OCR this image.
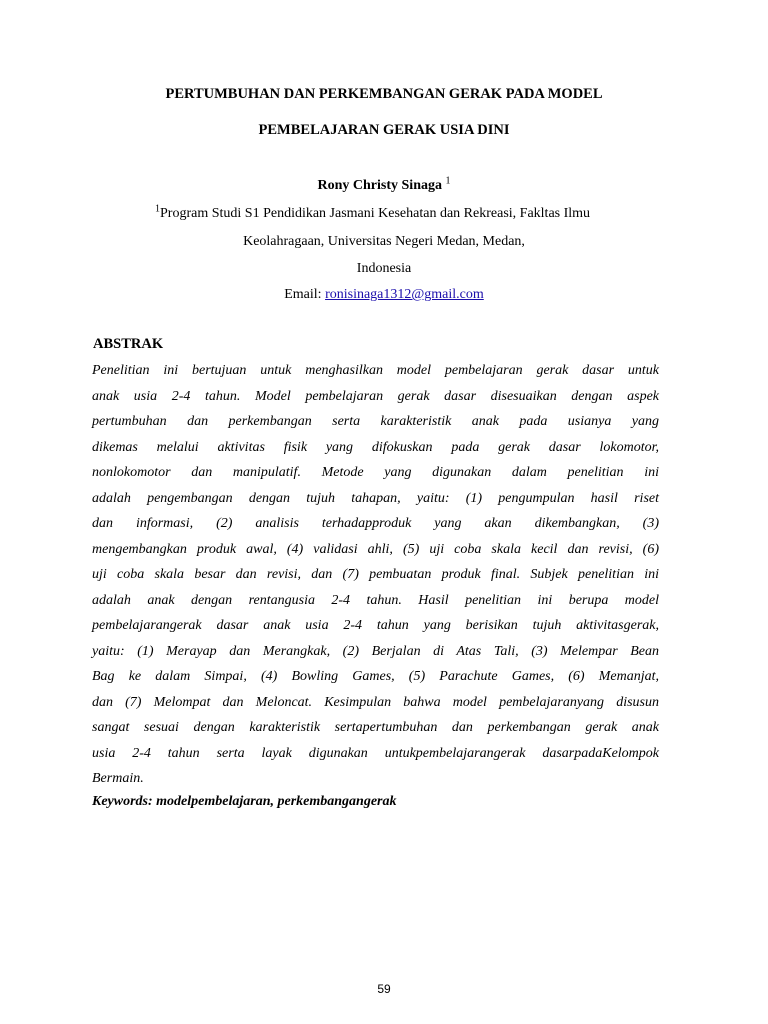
PERTUMBUHAN DAN PERKEMBANGAN GERAK PADA MODEL
PEMBELAJARAN GERAK USIA DINI
Rony Christy Sinaga $^1$
$^1$Program Studi S1 Pendidikan Jasmani Kesehatan dan Rekreasi, Fakltas Ilmu
Keolahragaan, Universitas Negeri Medan, Medan,
Indonesia
Email: ronisinaga1312@gmail.com
ABSTRAK
Penelitian ini bertujuan untuk menghasilkan model pembelajaran gerak dasar untuk
anak usia 2-4 tahun. Model pembelajaran gerak dasar disesuaikan dengan aspek
pertumbuhan dan perkembangan serta karakteristik anak pada usianya yang
dikemas melalui aktivitas fisik yang difokuskan pada gerak dasar lokomotor,
nonlokomotor dan manipulatif. Metode yang digunakan dalam penelitian ini
adalah pengembangan dengan tujuh tahapan, yaitu: (1) pengumpulan hasil riset
dan informasi, (2) analisis terhadapproduk yang akan dikembangkan, (3)
mengembangkan produk awal, (4) validasi ahli, (5) uji coba skala kecil dan revisi, (6)
uji coba skala besar dan revisi, dan (7) pembuatan produk final. Subjek penelitian ini
adalah anak dengan rentangusia 2-4 tahun. Hasil penelitian ini berupa model
pembelajarangerak dasar anak usia 2-4 tahun yang berisikan tujuh aktivitasgerak,
yaitu: (1) Merayap dan Merangkak, (2) Berjalan di Atas Tali, (3) Melempar Bean
Bag ke dalam Simpai, (4) Bowling Games, (5) Parachute Games, (6) Memanjat,
dan (7) Melompat dan Meloncat. Kesimpulan bahwa model pembelajaranyang disusun
sangat sesuai dengan karakteristik sertapertumbuhan dan perkembangan gerak anak
usia 2-4 tahun serta layak digunakan untukpembelajarangerak dasarpadaKelompok
Bermain.
Keywords: modelpembelajaran, perkembangangerak
59
